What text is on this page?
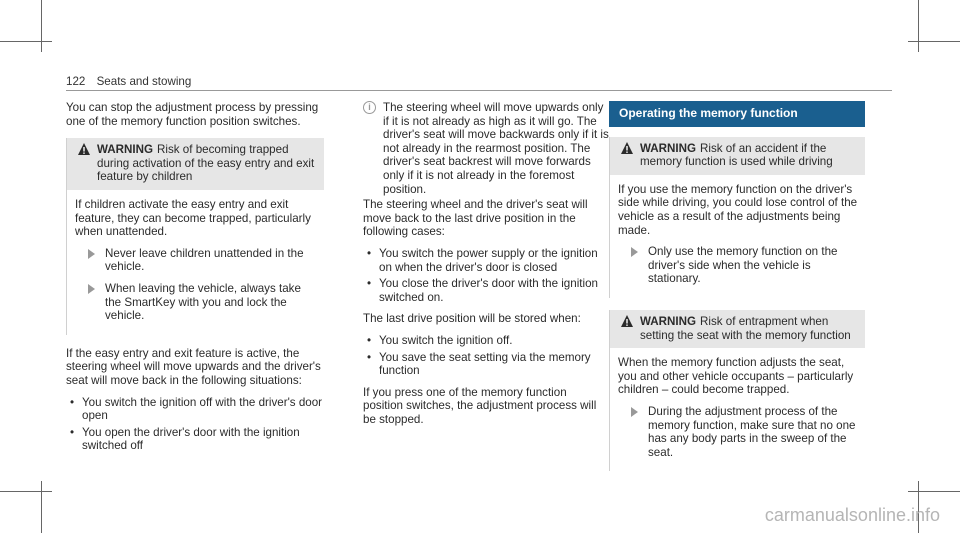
122 Seats and stowing

You can stop the adjustment process by pressing one of the memory function position switches.

WARNING Risk of becoming trapped during activation of the easy entry and exit feature by children

If children activate the easy entry and exit feature, they can become trapped, particularly when unattended.

Never leave children unattended in the vehicle.
When leaving the vehicle, always take the SmartKey with you and lock the vehicle.

If the easy entry and exit feature is active, the steering wheel will move upwards and the driver's seat will move back in the following situations:

• You switch the ignition off with the driver's door open
• You open the driver's door with the ignition switched off
i	The steering wheel will move upwards only if it is not already as high as it will go. The driver's seat will move backwards only if it is not already in the rearmost position. The driver's seat backrest will move forwards only if it is not already in the foremost position.

The steering wheel and the driver's seat will move back to the last drive position in the following cases:

• You switch the power supply or the ignition on when the driver's door is closed
• You close the driver's door with the ignition switched on.

The last drive position will be stored when:

• You switch the ignition off.
• You save the seat setting via the memory function

If you press one of the memory function position switches, the adjustment process will be stopped.

Operating the memory function
WARNING Risk of an accident if the memory function is used while driving

If you use the memory function on the driver's side while driving, you could lose control of the vehicle as a result of the adjustments being made.

Only use the memory function on the driver's side when the vehicle is stationary.
WARNING Risk of entrapment when setting the seat with the memory function

When the memory function adjusts the seat, you and other vehicle occupants – particularly children – could become trapped.

During the adjustment process of the memory function, make sure that no one has any body parts in the sweep of the seat.
carmanualsonline.info
